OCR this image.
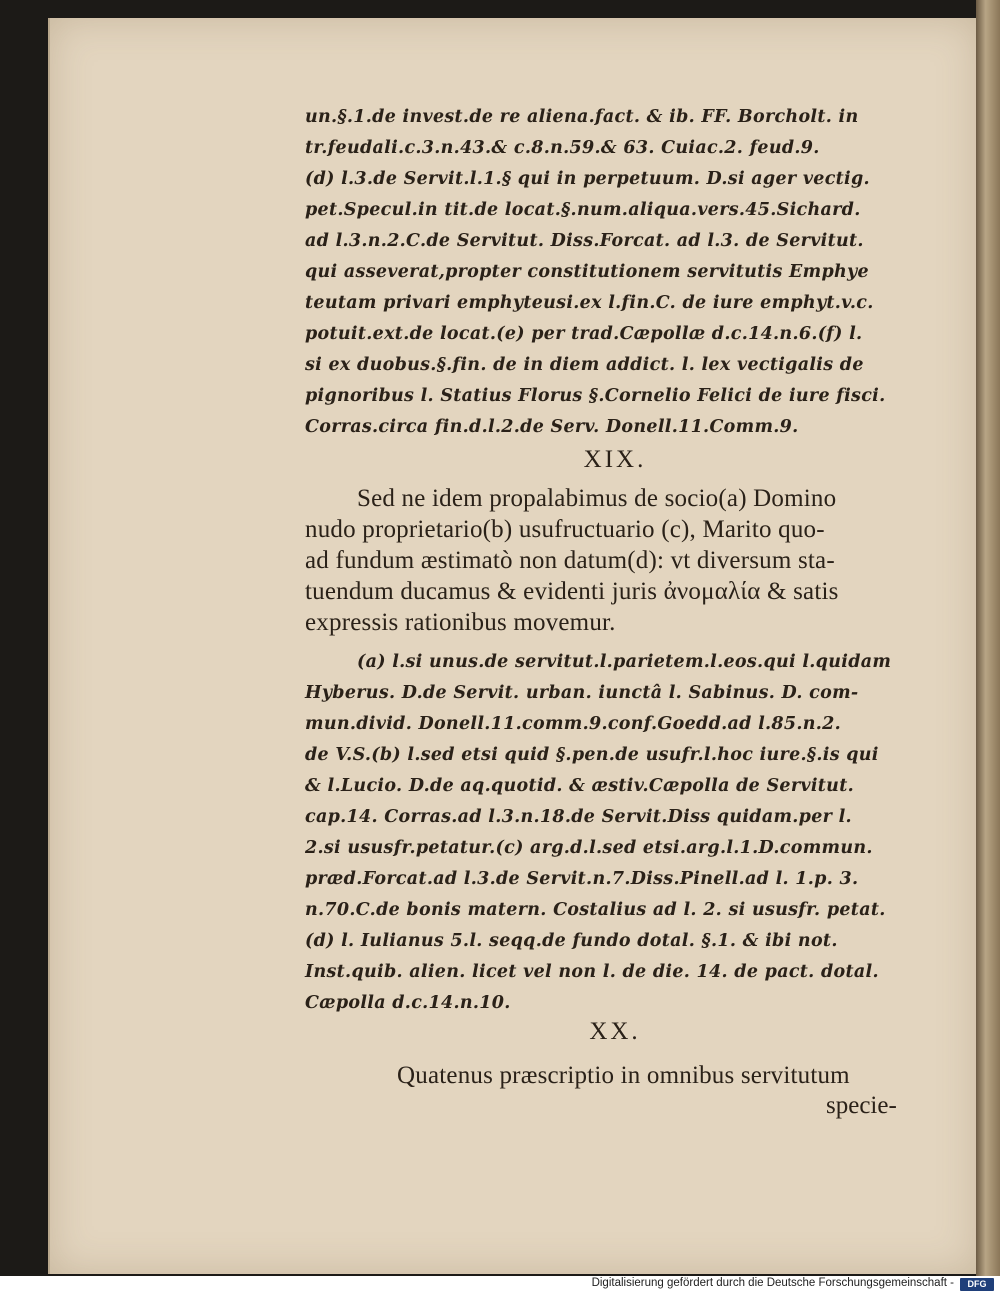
un.§.1.de invest.de re aliena.fact. & ib. FF. Borcholt. in
tr.feudali.c.3.n.43.& c.8.n.59.& 63. Cuiac.2. feud.9.
(d) l.3.de Servit.l.1.§ qui in perpetuum. D.si ager vectig.
pet.Specul.in tit.de locat.§.num.aliqua.vers.45.Sichard.
ad l.3.n.2.C.de Servitut. Diss.Forcat. ad l.3. de Servitut.
qui asseverat,propter constitutionem servitutis Emphye
teutam privari emphyteusi.ex l.fin.C. de iure emphyt.v.c.
potuit.ext.de locat.(e) per trad.Cæpollæ d.c.14.n.6.(f) l.
si ex duobus.§.fin. de in diem addict. l. lex vectigalis de
pignoribus l. Statius Florus §.Cornelio Felici de iure fisci.
Corras.circa fin.d.l.2.de Serv. Donell.11.Comm.9.
XIX.
Sed ne idem propalabimus de socio(a) Domino
nudo proprietario(b) usufructuario (c), Marito quo-
ad fundum æstimatò non datum(d): vt diversum sta-
tuendum ducamus & evidenti juris ἀνομαλία & satis
expressis rationibus movemur.
(a) l.si unus.de servitut.l.parietem.l.eos.qui l.quidam
Hyberus. D.de Servit. urban. iunctâ l. Sabinus. D. com-
mun.divid. Donell.11.comm.9.conf.Goedd.ad l.85.n.2.
de V.S.(b) l.sed etsi quid §.pen.de usufr.l.hoc iure.§.is qui
& l.Lucio. D.de aq.quotid. & æstiv.Cæpolla de Servitut.
cap.14. Corras.ad l.3.n.18.de Servit.Diss quidam.per l.
2.si ususfr.petatur.(c) arg.d.l.sed etsi.arg.l.1.D.commun.
præd.Forcat.ad l.3.de Servit.n.7.Diss.Pinell.ad l. 1.p. 3.
n.70.C.de bonis matern. Costalius ad l. 2. si ususfr. petat.
(d) l. Iulianus 5.l. seqq.de fundo dotal. §.1. & ibi not.
Inst.quib. alien. licet vel non l. de die. 14. de pact. dotal.
Cæpolla d.c.14.n.10.
XX.
Quatenus præscriptio in omnibus servitutum
specie-
Digitalisierung gefördert durch die Deutsche Forschungsgemeinschaft -	DFG
